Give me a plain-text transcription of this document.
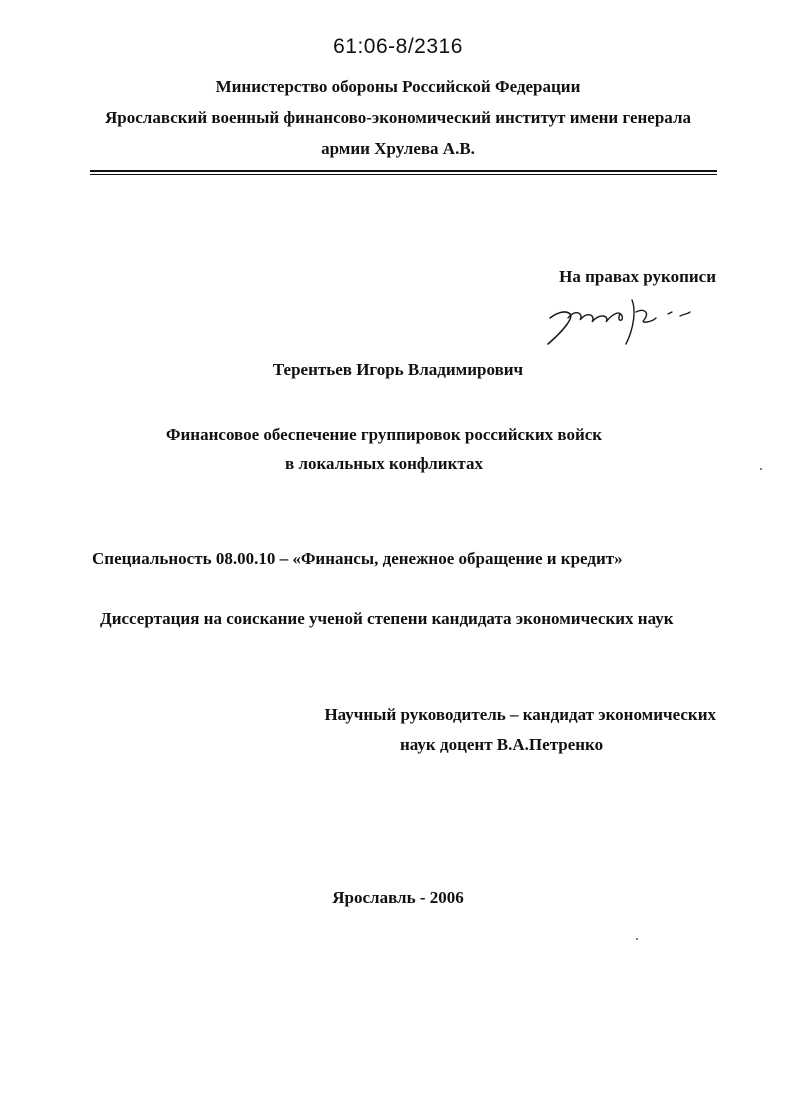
61:06-8/2316
Министерство обороны Российской Федерации
Ярославский военный финансово-экономический институт имени генерала
армии Хрулева А.В.
На правах рукописи
Терентьев Игорь Владимирович
Финансовое обеспечение группировок российских войск
в локальных конфликтах
Специальность 08.00.10 – «Финансы, денежное обращение и кредит»
Диссертация на соискание ученой степени кандидата экономических наук
Научный руководитель – кандидат экономических
наук доцент В.А.Петренко
Ярославль - 2006
